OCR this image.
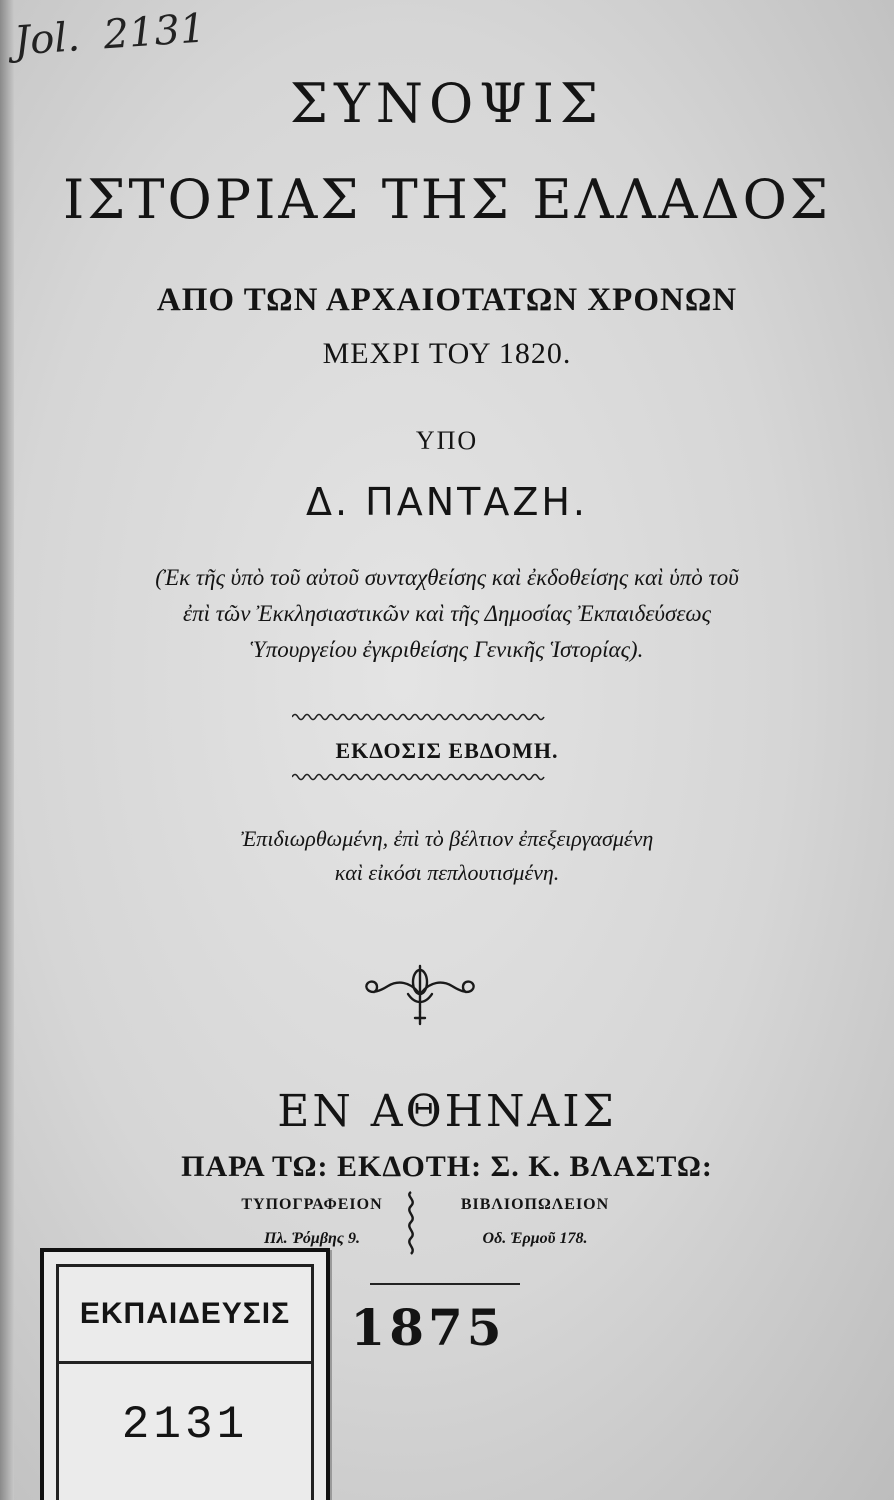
Jol. 2131
ΣΥΝΟΨΙΣ
ΙΣΤΟΡΙΑΣ ΤΗΣ ΕΛΛΑΔΟΣ
ΑΠΟ ΤΩΝ ΑΡΧΑΙΟΤΑΤΩΝ ΧΡΟΝΩΝ
ΜΕΧΡΙ ΤΟΥ 1820.
ΥΠΟ
Δ. ΠΑΝΤΑΖΗ.
(Ἐκ τῆς ὑπὸ τοῦ αὐτοῦ συνταχθείσης καὶ ἐκδοθείσης καὶ ὑπὸ τοῦ
ἐπὶ τῶν Ἐκκλησιαστικῶν καὶ τῆς Δημοσίας Ἐκπαιδεύσεως
Ὑπουργείου ἐγκριθείσης Γενικῆς Ἱστορίας).
ΕΚΔΟΣΙΣ ΕΒΔΟΜΗ.
Ἐπιδιωρθωμένη, ἐπὶ τὸ βέλτιον ἐπεξειργασμένη
καὶ εἰκόσι πεπλουτισμένη.
ΕΝ ΑΘΗΝΑΙΣ
ΠΑΡΑ ΤΩ: ΕΚΔΟΤΗ: Σ. Κ. ΒΛΑΣΤΩ:
ΤΥΠΟΓΡΑΦΕΙΟΝ
Πλ. Ῥόμβης 9.
ΒΙΒΛΙΟΠΩΛΕΙΟΝ
Οδ. Ἑρμοῦ 178.
1875
ΕΚΠΑΙΔΕΥΣΙΣ
2131
